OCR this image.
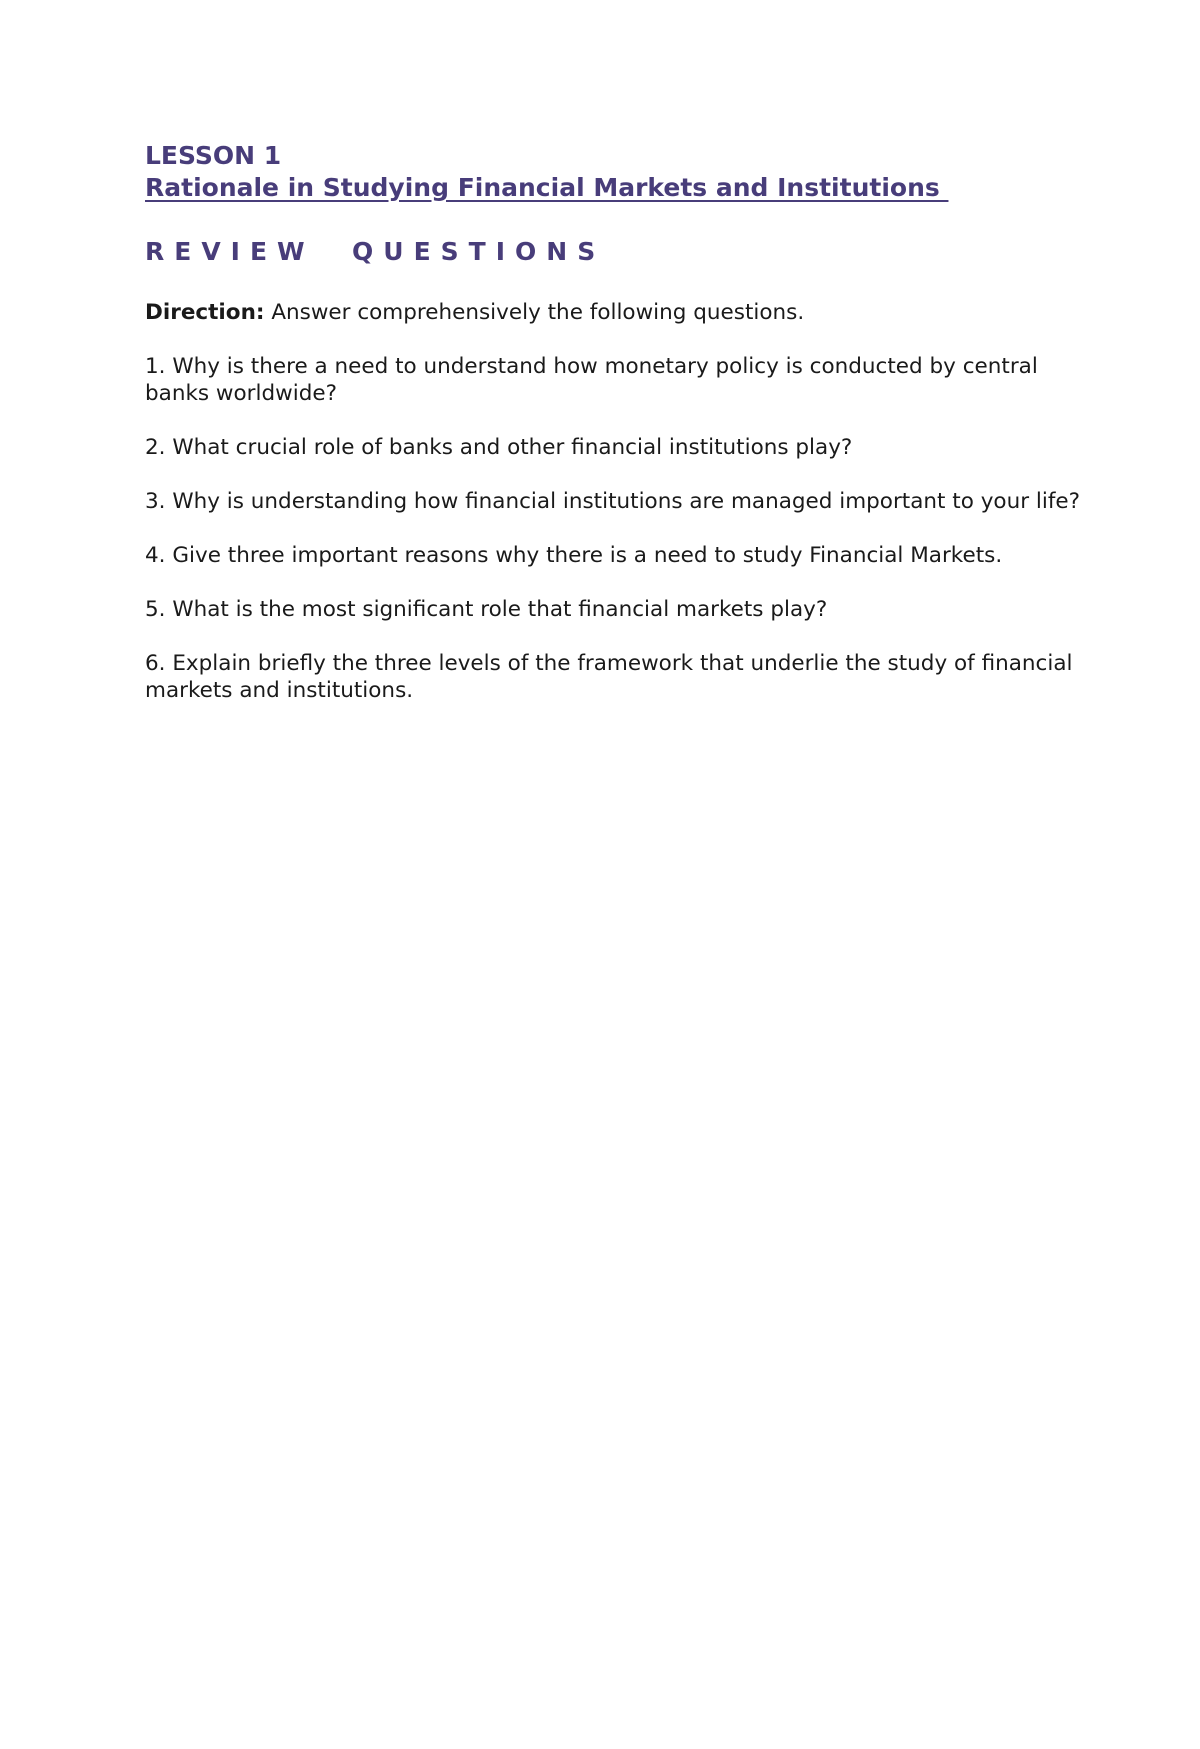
LESSON 1

Rationale in Studying Financial Markets and Institutions

REVIEW  QUESTIONS

Direction: Answer comprehensively the following questions.

1. Why is there a need to understand how monetary policy is conducted by central banks worldwide?
2. What crucial role of banks and other financial institutions play?
3. Why is understanding how financial institutions are managed important to your life?
4. Give three important reasons why there is a need to study Financial Markets.
5. What is the most significant role that financial markets play?
6. Explain briefly the three levels of the framework that underlie the study of financial markets and institutions.
